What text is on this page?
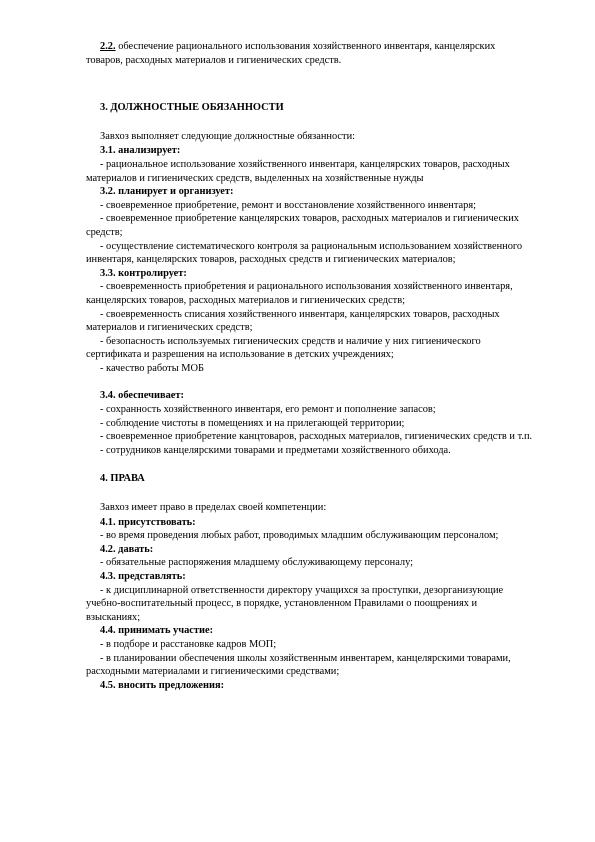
2.2. обеспечение рационального использования хозяйственного инвентаря, канцелярских товаров, расходных материалов и гигиенических средств.

3. ДОЛЖНОСТНЫЕ ОБЯЗАННОСТИ

Завхоз выполняет следующие должностные обязанности:

3.1. анализирует:

- рациональное использование хозяйственного инвентаря, канцелярских товаров, расходных материалов и гигиенических средств, выделенных на хозяйственные нужды

3.2. планирует и организует:

- своевременное приобретение, ремонт и восстановление хозяйственного инвентаря;

- своевременное приобретение канцелярских товаров, расходных материалов и гигиенических средств;

- осуществление систематического контроля за рациональным использованием хозяйственного инвентаря, канцелярских товаров, расходных средств и гигиенических материалов;

3.3. контролирует:

- своевременность приобретения и рационального использования хозяйственного инвентаря, канцелярских товаров, расходных материалов и гигиенических средств;

- своевременность списания хозяйственного инвентаря, канцелярских товаров, расходных материалов и гигиенических средств;

- безопасность используемых гигиенических средств и наличие у них гигиенического сертификата и разрешения на использование в детских учреждениях;

- качество работы МОБ

3.4. обеспечивает:

- сохранность хозяйственного инвентаря, его ремонт и пополнение запасов;

- соблюдение чистоты в помещениях и на прилегающей территории;

- своевременное приобретение канцтоваров, расходных материалов, гигиенических средств и т.п.

- сотрудников канцелярскими товарами и предметами хозяйственного обихода.

4. ПРАВА

Завхоз имеет право в пределах своей компетенции:

4.1. присутствовать:

- во время проведения любых работ, проводимых младшим обслуживающим персоналом;

4.2. давать:

- обязательные распоряжения младшему обслуживающему персоналу;

4.3. представлять:

- к дисциплинарной ответственности директору учащихся за проступки, дезорганизующие учебно-воспитательный процесс, в порядке, установленном Правилами о поощрениях и взысканиях;

4.4. принимать участие:

- в подборе и расстановке кадров МОП;

- в планировании обеспечения школы хозяйственным инвентарем, канцелярскими товарами, расходными материалами и гигиеническими средствами;

4.5. вносить предложения:
